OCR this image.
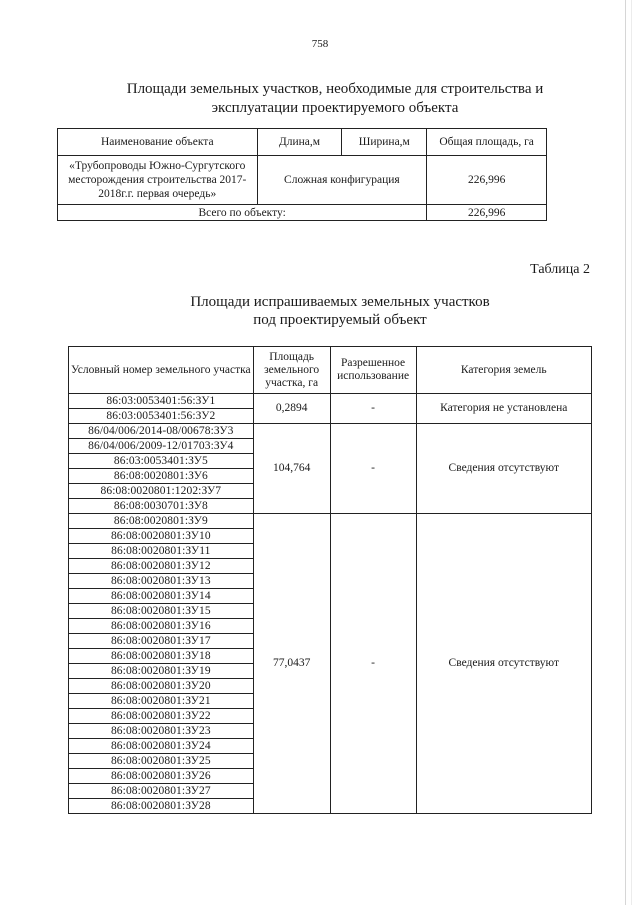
758
Площади земельных участков, необходимые для строительства и эксплуатации проектируемого объекта
Наименование объекта	Длина,м	Ширина,м	Общая площадь, га
«Трубопроводы Южно-Сургутского месторождения строительства 2017-2018г.г. первая очередь»	Сложная конфигурация		226,996
Всего по объекту:			226,996
Таблица 2
Площади испрашиваемых земельных участков
под проектируемый объект
Условный номер земельного участка	Площадь земельного участка, га	Разрешенное использование	Категория земель
86:03:0053401:56:ЗУ1	0,2894	-	Категория не установлена
86:03:0053401:56:ЗУ2			
86/04/006/2014-08/00678:ЗУ3	104,764	-	Сведения отсутствуют
86/04/006/2009-12/01703:ЗУ4			
86:03:0053401:ЗУ5			
86:08:0020801:ЗУ6			
86:08:0020801:1202:ЗУ7			
86:08:0030701:ЗУ8			
86:08:0020801:ЗУ9	77,0437	-	Сведения отсутствуют
86:08:0020801:ЗУ10			
86:08:0020801:ЗУ11			
86:08:0020801:ЗУ12			
86:08:0020801:ЗУ13			
86:08:0020801:ЗУ14			
86:08:0020801:ЗУ15			
86:08:0020801:ЗУ16			
86:08:0020801:ЗУ17			
86:08:0020801:ЗУ18			
86:08:0020801:ЗУ19			
86:08:0020801:ЗУ20			
86:08:0020801:ЗУ21			
86:08:0020801:ЗУ22			
86:08:0020801:ЗУ23			
86:08:0020801:ЗУ24			
86:08:0020801:ЗУ25			
86:08:0020801:ЗУ26			
86:08:0020801:ЗУ27			
86:08:0020801:ЗУ28			
